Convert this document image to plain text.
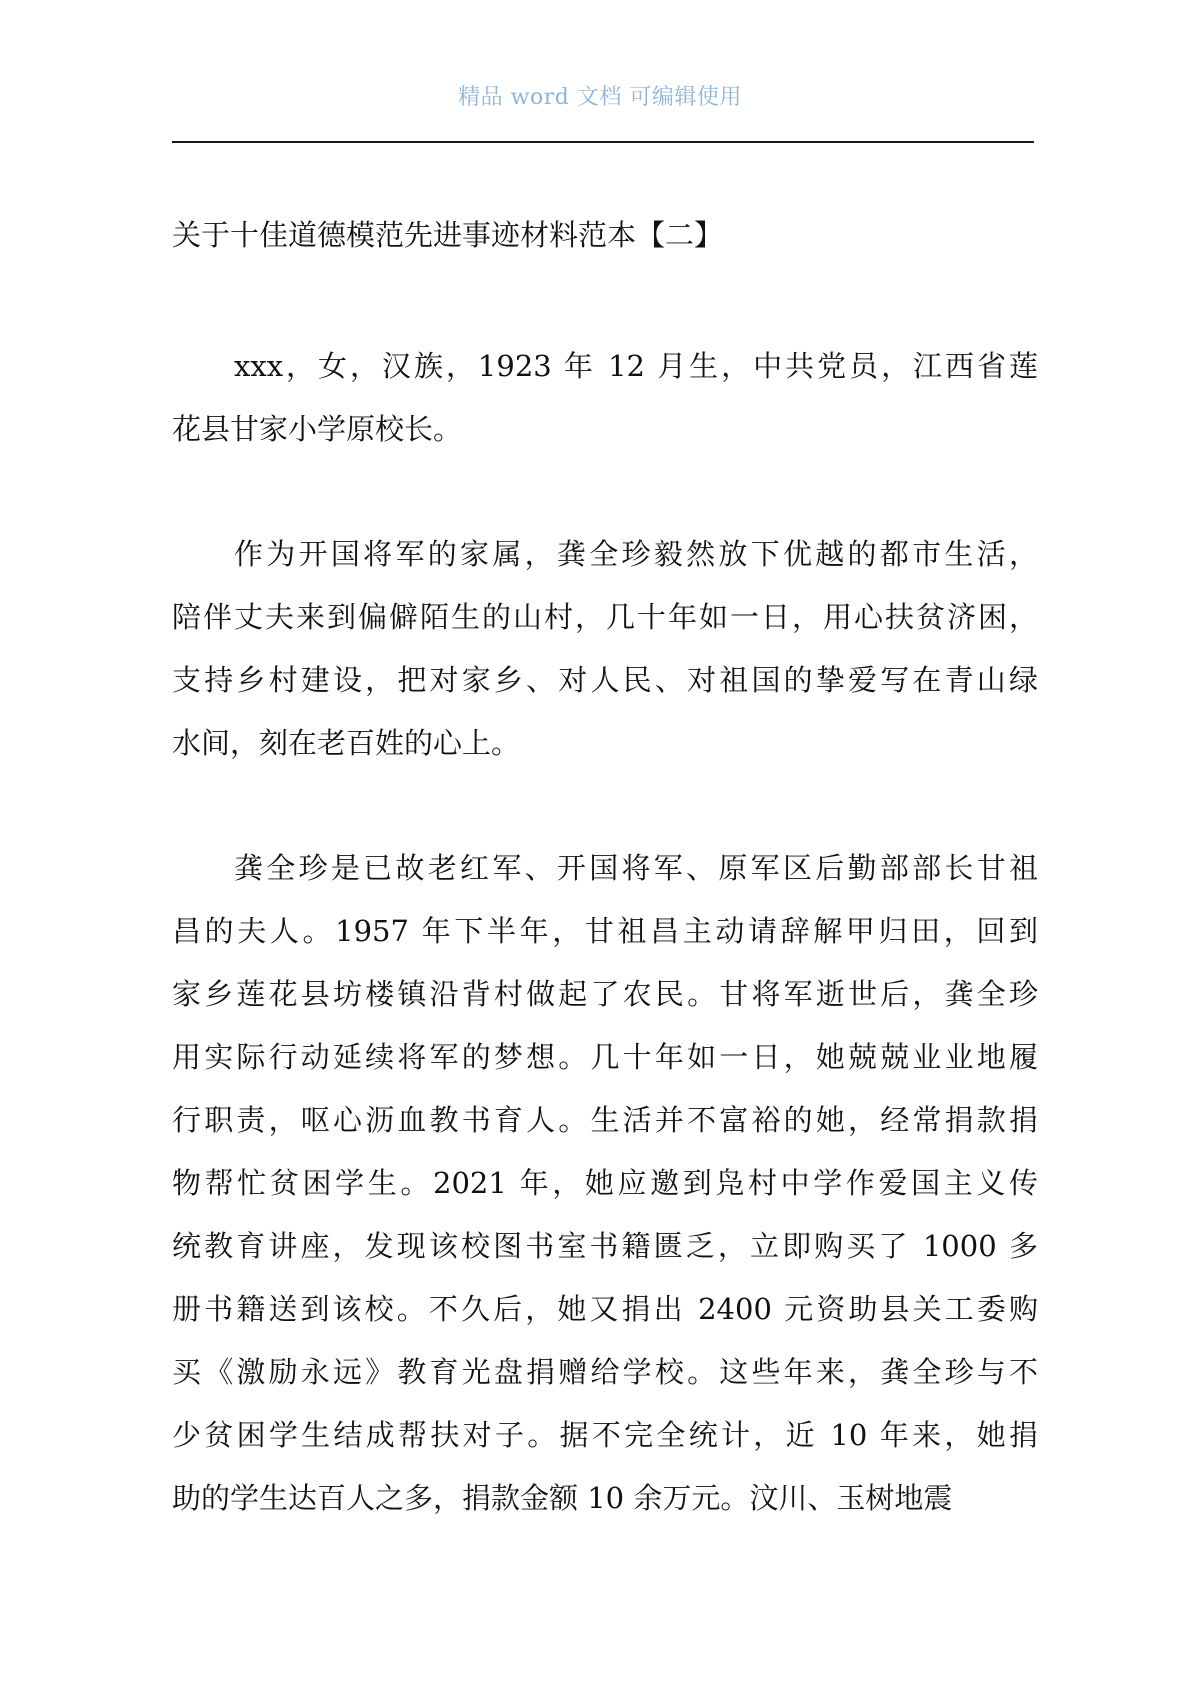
精品 word 文档 可编辑使用
关于十佳道德模范先进事迹材料范本【二】
xxx，女，汉族，1923 年 12 月生，中共党员，江西省莲
花县甘家小学原校长。
作为开国将军的家属，龚全珍毅然放下优越的都市生活，
陪伴丈夫来到偏僻陌生的山村，几十年如一日，用心扶贫济困，
支持乡村建设，把对家乡、对人民、对祖国的挚爱写在青山绿
水间，刻在老百姓的心上。
龚全珍是已故老红军、开国将军、原军区后勤部部长甘祖
昌的夫人。1957 年下半年，甘祖昌主动请辞解甲归田，回到
家乡莲花县坊楼镇沿背村做起了农民。甘将军逝世后，龚全珍
用实际行动延续将军的梦想。几十年如一日，她兢兢业业地履
行职责，呕心沥血教书育人。生活并不富裕的她，经常捐款捐
物帮忙贫困学生。2021 年，她应邀到凫村中学作爱国主义传
统教育讲座，发现该校图书室书籍匮乏，立即购买了 1000 多
册书籍送到该校。不久后，她又捐出 2400 元资助县关工委购
买《激励永远》教育光盘捐赠给学校。这些年来，龚全珍与不
少贫困学生结成帮扶对子。据不完全统计，近 10 年来，她捐
助的学生达百人之多，捐款金额 10 余万元。汶川、玉树地震
